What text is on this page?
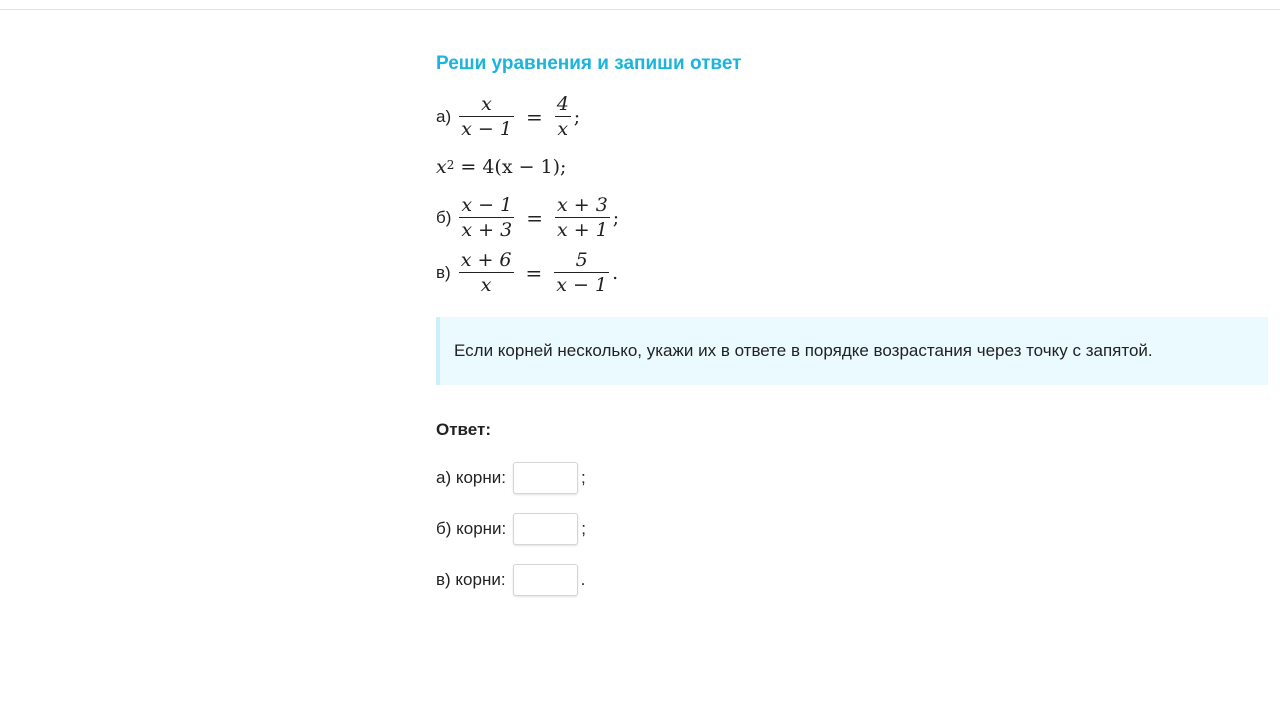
Реши уравнения и запиши ответ
$а) \frac{x}{x - 1} = \frac{4}{x}$ ;
$x^2 = 4(x - 1)$;
$б) \frac{x - 1}{x + 3} = \frac{x + 3}{x + 1}$ ;
$в) \frac{x + 6}{x} = \frac{5}{x - 1}$ .
Если корней несколько, укажи их в ответе в порядке возрастания через точку с запятой.
Ответ:
а) корни:	;
б) корни:	;
в) корни:	.
